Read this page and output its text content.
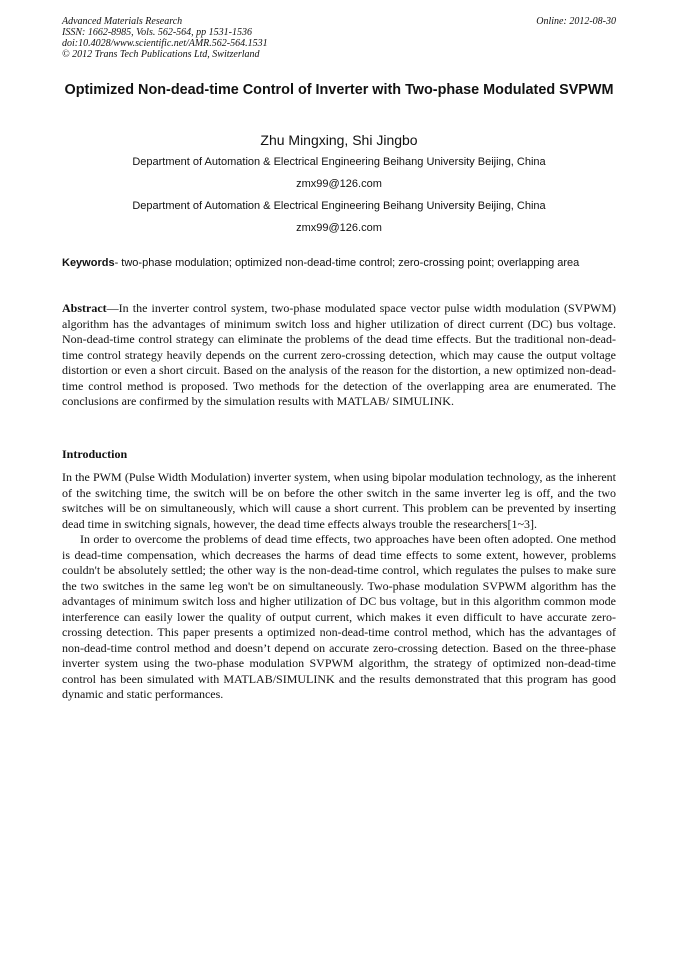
Advanced Materials Research
ISSN: 1662-8985, Vols. 562-564, pp 1531-1536
doi:10.4028/www.scientific.net/AMR.562-564.1531
© 2012 Trans Tech Publications Ltd, Switzerland
Online: 2012-08-30
Optimized Non-dead-time Control of Inverter with Two-phase Modulated SVPWM
Zhu Mingxing, Shi Jingbo
Department of Automation & Electrical Engineering Beihang University Beijing, China
zmx99@126.com
Department of Automation & Electrical Engineering Beihang University Beijing, China
zmx99@126.com
Keywords- two-phase modulation; optimized non-dead-time control; zero-crossing point; overlapping area
Abstract—In the inverter control system, two-phase modulated space vector pulse width modulation (SVPWM) algorithm has the advantages of minimum switch loss and higher utilization of direct current (DC) bus voltage. Non-dead-time control strategy can eliminate the problems of the dead time effects. But the traditional non-dead-time control strategy heavily depends on the current zero-crossing detection, which may cause the output voltage distortion or even a short circuit. Based on the analysis of the reason for the distortion, a new optimized non-dead-time control method is proposed. Two methods for the detection of the overlapping area are enumerated. The conclusions are confirmed by the simulation results with MATLAB/ SIMULINK.
Introduction

In the PWM (Pulse Width Modulation) inverter system, when using bipolar modulation technology, as the inherent of the switching time, the switch will be on before the other switch in the same inverter leg is off, and the two switches will be on simultaneously, which will cause a short current. This problem can be prevented by inserting dead time in switching signals, however, the dead time effects always trouble the researchers[1~3].

In order to overcome the problems of dead time effects, two approaches have been often adopted. One method is dead-time compensation, which decreases the harms of dead time effects to some extent, however, problems couldn't be absolutely settled; the other way is the non-dead-time control, which regulates the pulses to make sure the two switches in the same leg won't be on simultaneously. Two-phase modulation SVPWM algorithm has the advantages of minimum switch loss and higher utilization of DC bus voltage, but in this algorithm common mode interference can easily lower the quality of output current, which makes it even difficult to have accurate zero-crossing detection. This paper presents a optimized non-dead-time control method, which has the advantages of non-dead-time control method and doesn’t depend on accurate zero-crossing detection. Based on the three-phase inverter system using the two-phase modulation SVPWM algorithm, the strategy of optimized non-dead-time control has been simulated with MATLAB/SIMULINK and the results demonstrated that this program has good dynamic and static performances.
